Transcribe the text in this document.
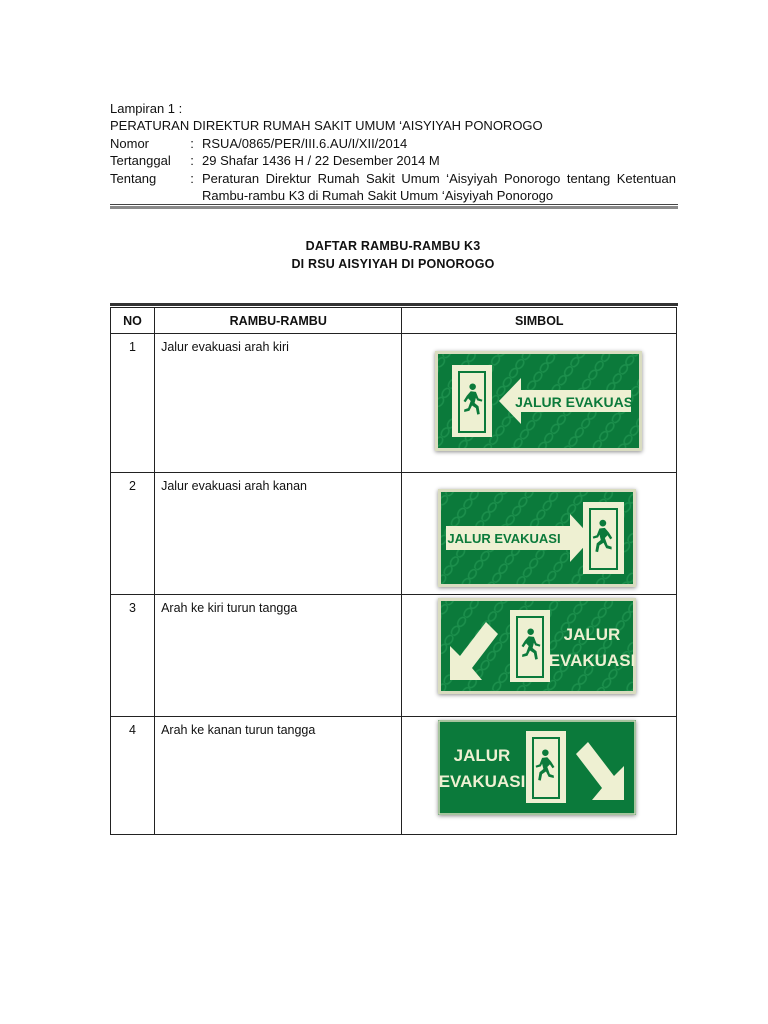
Lampiran 1 :
PERATURAN DIREKTUR RUMAH SAKIT UMUM ‘AISYIYAH PONOROGO
Nomor	: RSUA/0865/PER/III.6.AU/I/XII/2014
Tertanggal	: 29 Shafar 1436 H / 22 Desember 2014 M
Tentang	: Peraturan Direktur Rumah Sakit Umum ‘Aisyiyah Ponorogo tentang Ketentuan
Rambu-rambu K3 di Rumah Sakit Umum ‘Aisyiyah Ponorogo
DAFTAR RAMBU-RAMBU K3
DI RSU AISYIYAH DI PONOROGO
NO	RAMBU-RAMBU	SIMBOL
1	Jalur evakuasi arah kiri	JALUR EVAKUASI

2	Jalur evakuasi arah kanan	JALUR EVAKUASI

3	Arah ke kiri turun tangga	JALUR
EVAKUASI

4	Arah ke kanan turun tangga	JALUR
EVAKUASI
